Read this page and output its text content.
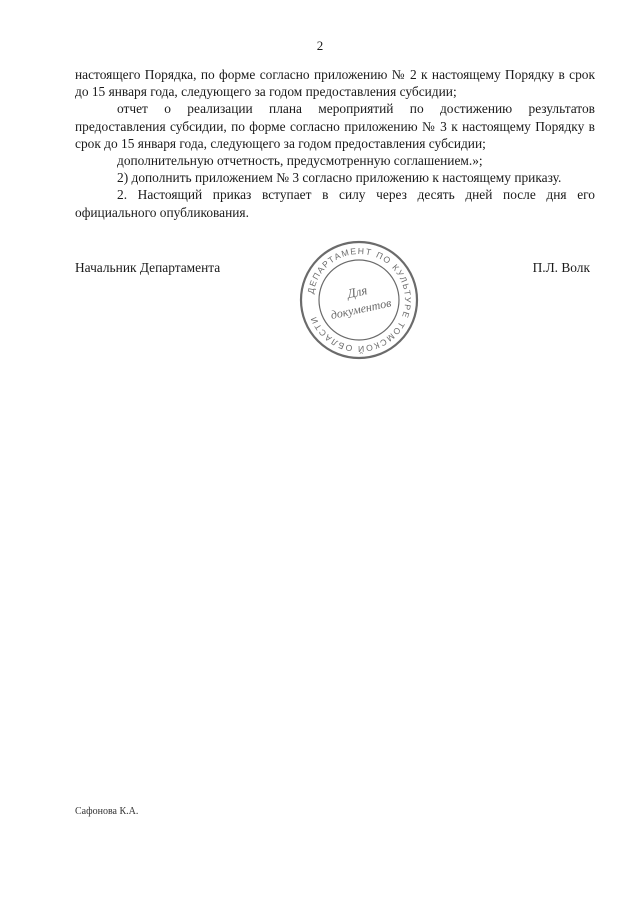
2

настоящего Порядка, по форме согласно приложению № 2 к настоящему Порядку в срок до 15 января года, следующего за годом предоставления субсидии;

отчет о реализации плана мероприятий по достижению результатов предоставления субсидии, по форме согласно приложению № 3 к настоящему Порядку в срок до 15 января года, следующего за годом предоставления субсидии;

дополнительную отчетность, предусмотренную соглашением.»;

2) дополнить приложением № 3 согласно приложению к настоящему приказу.

2. Настоящий приказ вступает в силу через десять дней после дня его официального опубликования.

Начальник Департамента	П.Л. Волк
ДЕПАРТАМЕНТ ПО КУЛЬТУРЕ ТОМСКОЙ ОБЛАСТИ
Для
документов
Сафонова К.А.
